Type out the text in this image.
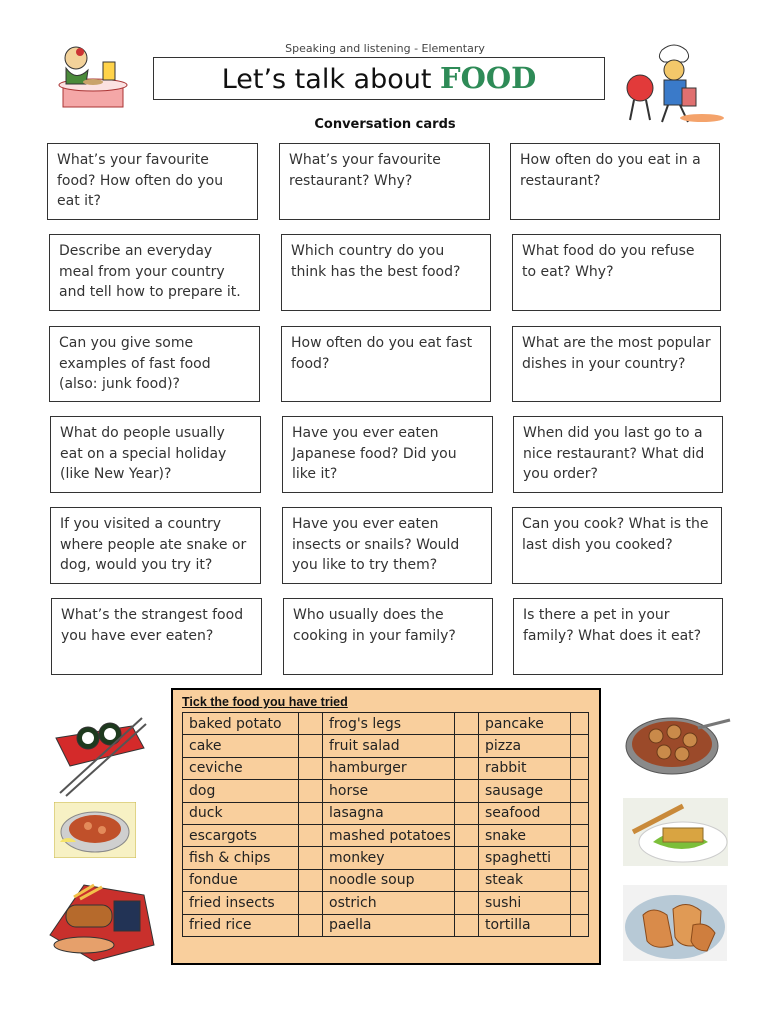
Speaking and listening - Elementary
Let’s talk about FOOD
Conversation cards
What’s your favourite food? How often do you eat it?
What’s your favourite restaurant? Why?
How often do you eat in a restaurant?
Describe an everyday meal from your country and tell how to prepare it.
Which country do you think has the best food?
What food do you refuse to eat? Why?
Can you give some examples of fast food (also: junk food)?
How often do you eat fast food?
What are the most popular dishes in your country?
What do people usually eat on a special holiday (like New Year)?
Have you ever eaten Japanese food? Did you like it?
When did you last go to a nice restaurant? What did you order?
If you visited a country where people ate snake or dog, would you try it?
Have you ever eaten insects or snails? Would you like to try them?
Can you cook? What is the last dish you cooked?
What’s the strangest food you have ever eaten?
Who usually does the cooking in your family?
Is there a pet in your family? What does it eat?
Tick the food you have tried
baked potato		frog's legs		pancake	
cake		fruit salad		pizza	
ceviche		hamburger		rabbit	
dog		horse		sausage	
duck		lasagna		seafood	
escargots		mashed potatoes		snake	
fish & chips		monkey		spaghetti	
fondue		noodle soup		steak	
fried insects		ostrich		sushi	
fried rice		paella		tortilla	
